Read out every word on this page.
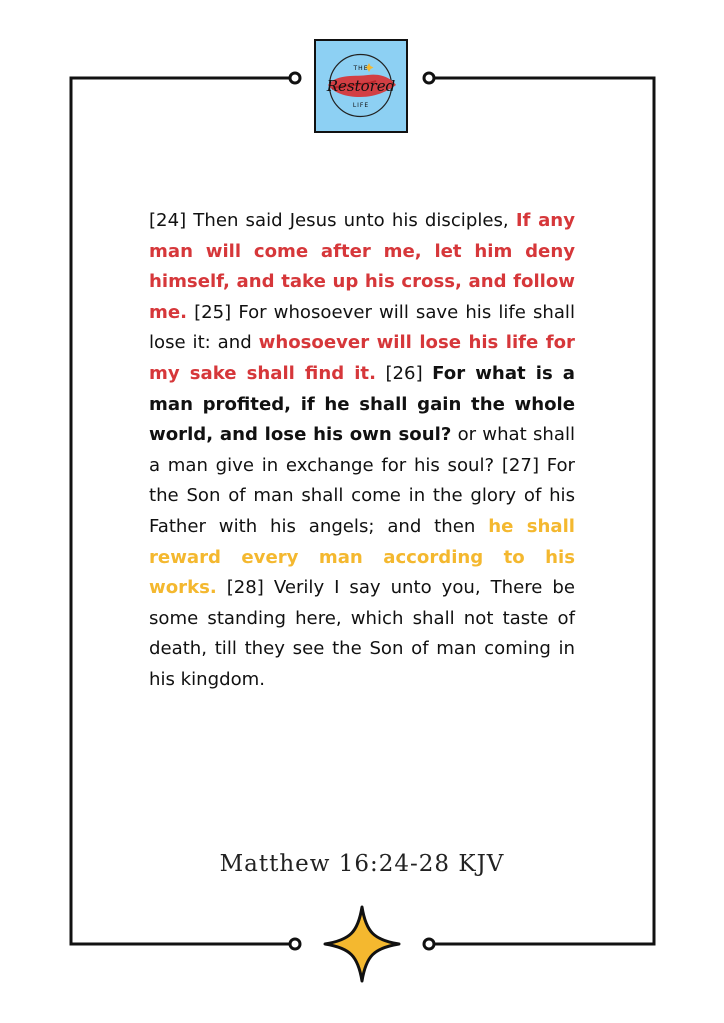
THE
Restored
LIFE
[24] Then said Jesus unto his disciples, If any man will come after me, let him deny himself, and take up his cross, and follow me. [25] For whosoever will save his life shall lose it: and whosoever will lose his life for my sake shall find it. [26] For what is a man profited, if he shall gain the whole world, and lose his own soul? or what shall a man give in exchange for his soul? [27] For the Son of man shall come in the glory of his Father with his angels; and then he shall reward every man according to his works. [28] Verily I say unto you, There be some standing here, which shall not taste of death, till they see the Son of man coming in his kingdom.
Matthew 16:24-28 KJV
